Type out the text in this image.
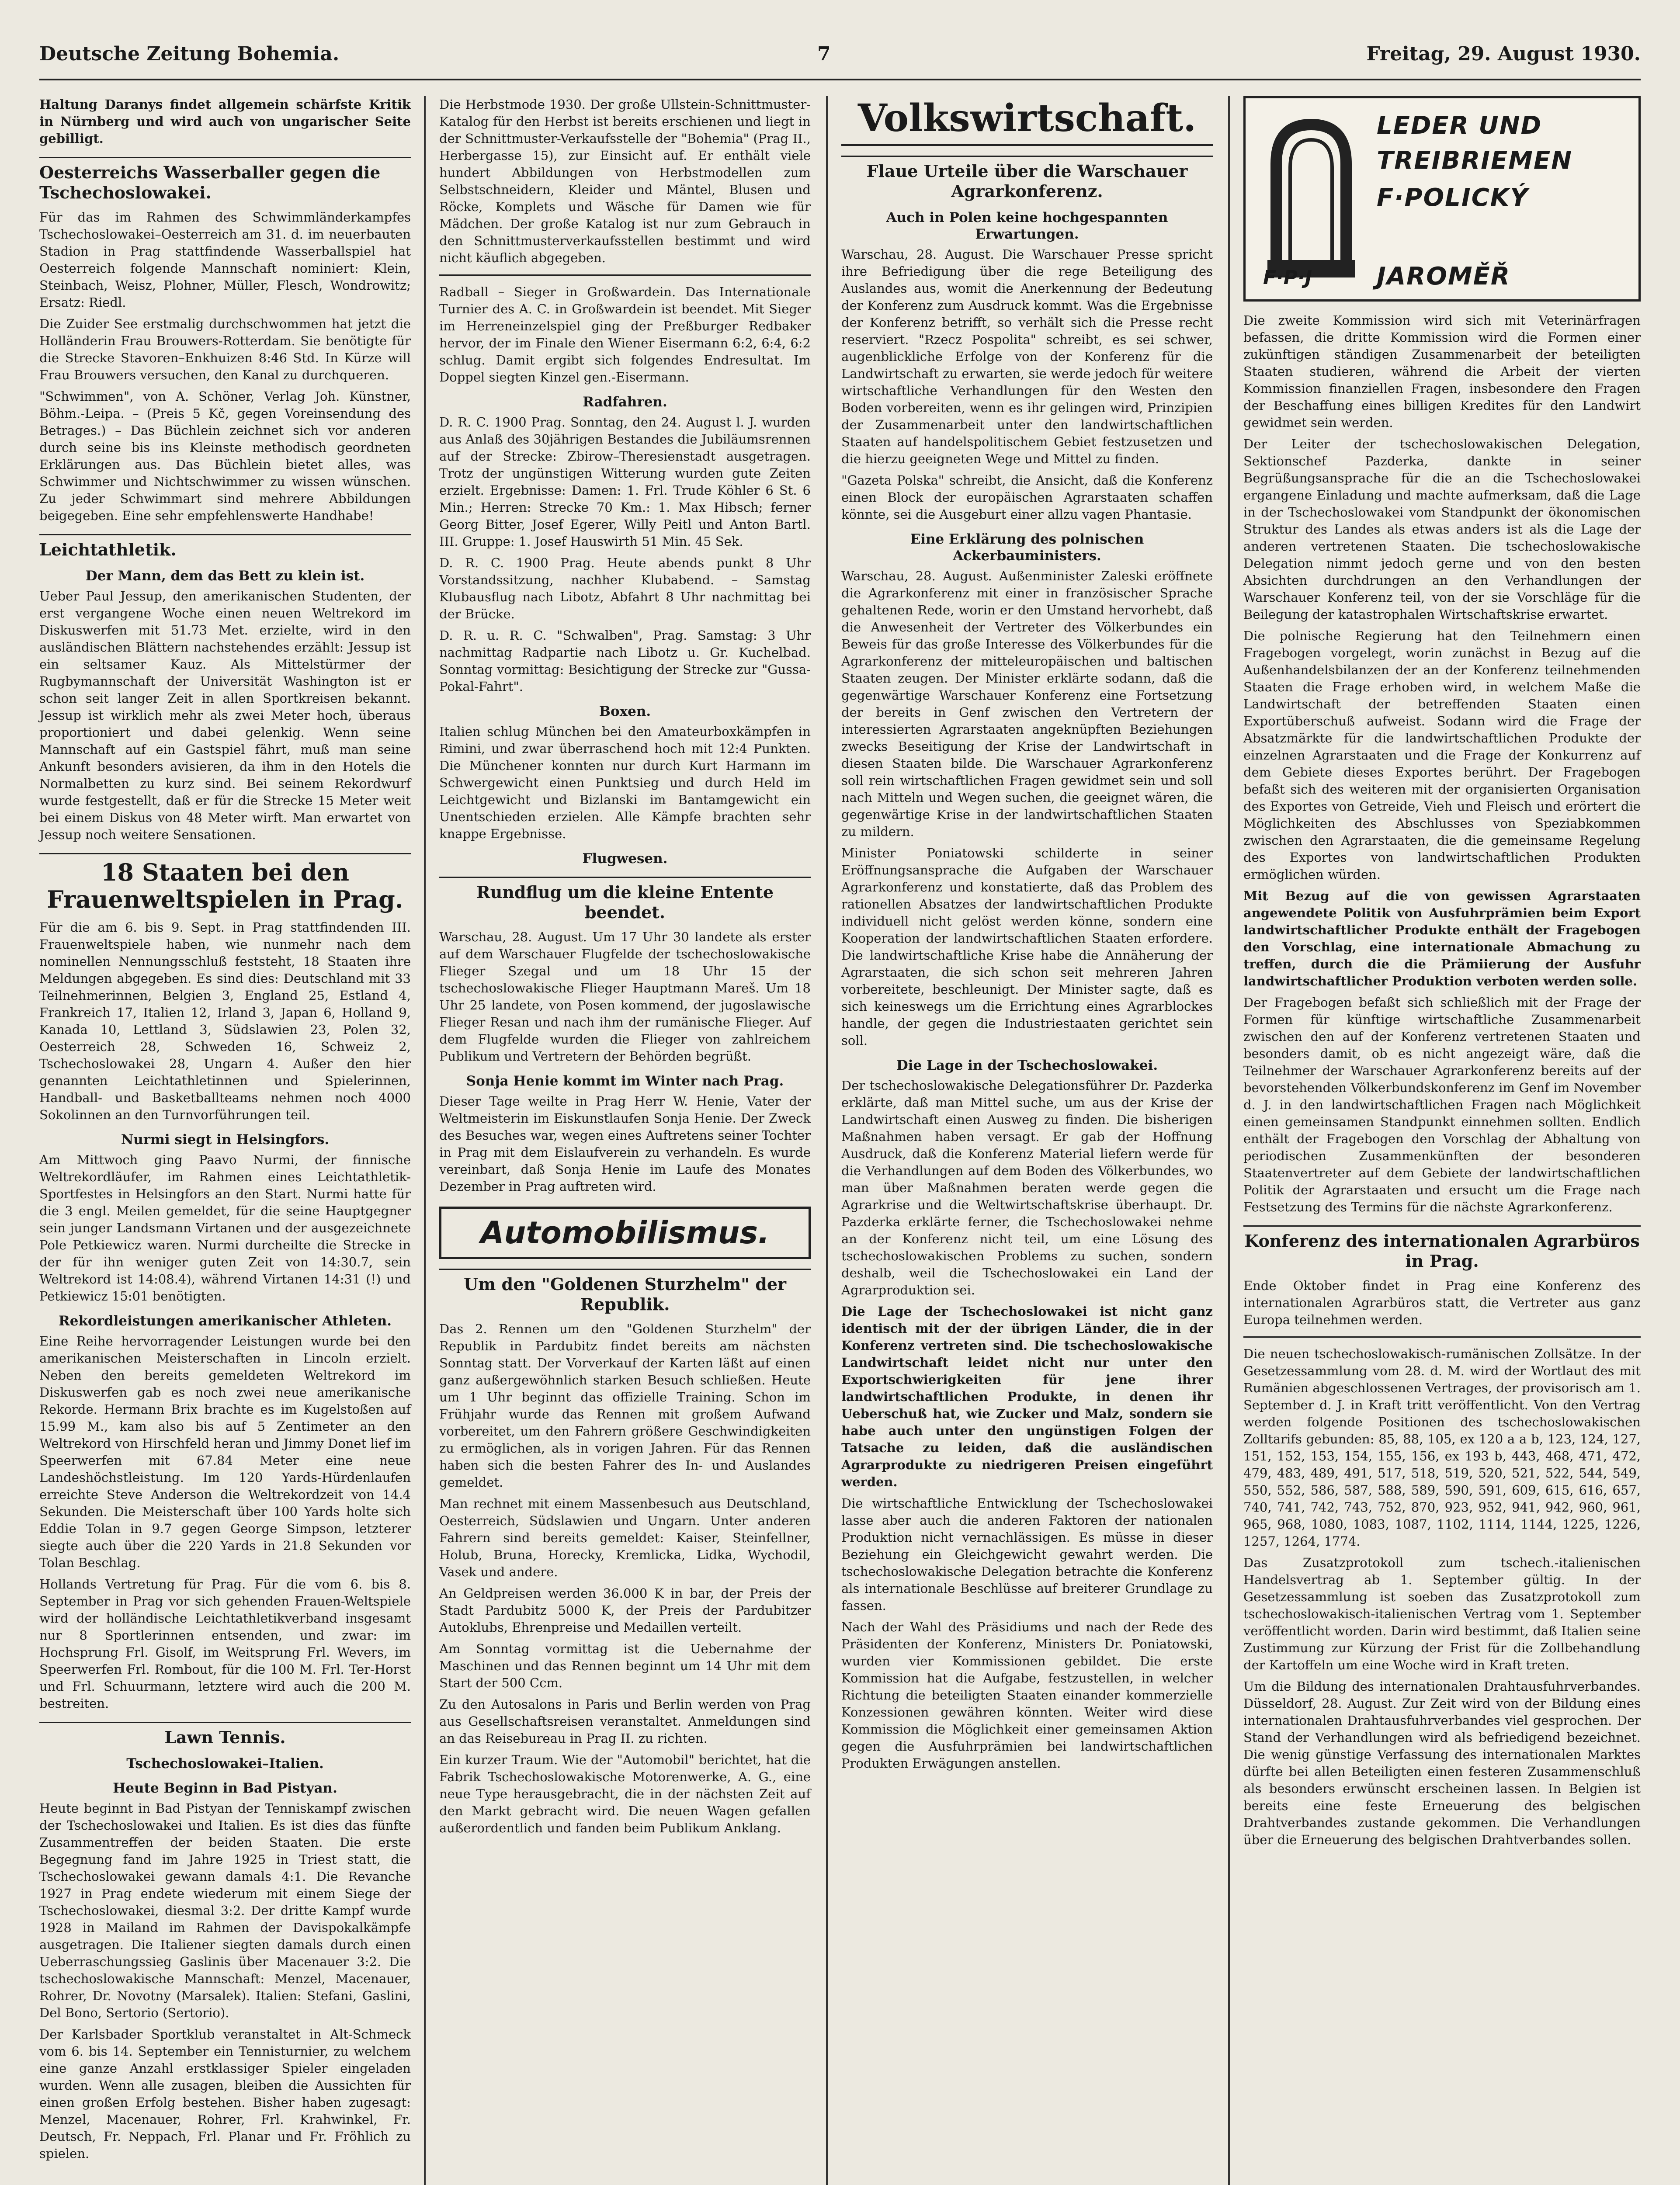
Deutsche Zeitung Bohemia.	7	Freitag, 29. August 1930.

Haltung Daranys findet allgemein schärfste Kritik in Nürnberg und wird auch von ungarischer Seite gebilligt.

Oesterreichs Wasserballer gegen die Tschechoslowakei.

Für das im Rahmen des Schwimmländerkampfes Tschechoslowakei–Oesterreich am 31. d. im neuerbauten Stadion in Prag stattfindende Wasserballspiel hat Oesterreich folgende Mannschaft nominiert: Klein, Steinbach, Weisz, Plohner, Müller, Flesch, Wondrowitz; Ersatz: Riedl.

Die Zuider See erstmalig durchschwommen hat jetzt die Holländerin Frau Brouwers-Rotterdam. Sie benötigte für die Strecke Stavoren–Enkhuizen 8:46 Std. In Kürze will Frau Brouwers versuchen, den Kanal zu durchqueren.

"Schwimmen", von A. Schöner, Verlag Joh. Künstner, Böhm.-Leipa. – (Preis 5 Kč, gegen Voreinsendung des Betrages.) – Das Büchlein zeichnet sich vor anderen durch seine bis ins Kleinste methodisch geordneten Erklärungen aus. Das Büchlein bietet alles, was Schwimmer und Nichtschwimmer zu wissen wünschen. Zu jeder Schwimmart sind mehrere Abbildungen beigegeben. Eine sehr empfehlenswerte Handhabe!

Leichtathletik.
Der Mann, dem das Bett zu klein ist.

Ueber Paul Jessup, den amerikanischen Studenten, der erst vergangene Woche einen neuen Weltrekord im Diskuswerfen mit 51.73 Met. erzielte, wird in den ausländischen Blättern nachstehendes erzählt: Jessup ist ein seltsamer Kauz. Als Mittelstürmer der Rugbymannschaft der Universität Washington ist er schon seit langer Zeit in allen Sportkreisen bekannt. Jessup ist wirklich mehr als zwei Meter hoch, überaus proportioniert und dabei gelenkig. Wenn seine Mannschaft auf ein Gastspiel fährt, muß man seine Ankunft besonders avisieren, da ihm in den Hotels die Normalbetten zu kurz sind. Bei seinem Rekordwurf wurde festgestellt, daß er für die Strecke 15 Meter weit bei einem Diskus von 48 Meter wirft. Man erwartet von Jessup noch weitere Sensationen.

18 Staaten bei den Frauenweltspielen in Prag.

Für die am 6. bis 9. Sept. in Prag stattfindenden III. Frauenweltspiele haben, wie nunmehr nach dem nominellen Nennungsschluß feststeht, 18 Staaten ihre Meldungen abgegeben. Es sind dies: Deutschland mit 33 Teilnehmerinnen, Belgien 3, England 25, Estland 4, Frankreich 17, Italien 12, Irland 3, Japan 6, Holland 9, Kanada 10, Lettland 3, Südslawien 23, Polen 32, Oesterreich 28, Schweden 16, Schweiz 2, Tschechoslowakei 28, Ungarn 4. Außer den hier genannten Leichtathletinnen und Spielerinnen, Handball- und Basketballteams nehmen noch 4000 Sokolinnen an den Turnvorführungen teil.

Nurmi siegt in Helsingfors.

Am Mittwoch ging Paavo Nurmi, der finnische Weltrekordläufer, im Rahmen eines Leichtathletik-Sportfestes in Helsingfors an den Start. Nurmi hatte für die 3 engl. Meilen gemeldet, für die seine Hauptgegner sein junger Landsmann Virtanen und der ausgezeichnete Pole Petkiewicz waren. Nurmi durcheilte die Strecke in der für ihn weniger guten Zeit von 14:30.7, sein Weltrekord ist 14:08.4), während Virtanen 14:31 (!) und Petkiewicz 15:01 benötigten.

Rekordleistungen amerikanischer Athleten.

Eine Reihe hervorragender Leistungen wurde bei den amerikanischen Meisterschaften in Lincoln erzielt. Neben den bereits gemeldeten Weltrekord im Diskuswerfen gab es noch zwei neue amerikanische Rekorde. Hermann Brix brachte es im Kugelstoßen auf 15.99 M., kam also bis auf 5 Zentimeter an den Weltrekord von Hirschfeld heran und Jimmy Donet lief im Speerwerfen mit 67.84 Meter eine neue Landeshöchstleistung. Im 120 Yards-Hürdenlaufen erreichte Steve Anderson die Weltrekordzeit von 14.4 Sekunden. Die Meisterschaft über 100 Yards holte sich Eddie Tolan in 9.7 gegen George Simpson, letzterer siegte auch über die 220 Yards in 21.8 Sekunden vor Tolan Beschlag.

Hollands Vertretung für Prag. Für die vom 6. bis 8. September in Prag vor sich gehenden Frauen-Weltspiele wird der holländische Leichtathletikverband insgesamt nur 8 Sportlerinnen entsenden, und zwar: im Hochsprung Frl. Gisolf, im Weitsprung Frl. Wevers, im Speerwerfen Frl. Rombout, für die 100 M. Frl. Ter-Horst und Frl. Schuurmann, letztere wird auch die 200 M. bestreiten.

Lawn Tennis.
Tschechoslowakei–Italien.
Heute Beginn in Bad Pistyan.

Heute beginnt in Bad Pistyan der Tenniskampf zwischen der Tschechoslowakei und Italien. Es ist dies das fünfte Zusammentreffen der beiden Staaten. Die erste Begegnung fand im Jahre 1925 in Triest statt, die Tschechoslowakei gewann damals 4:1. Die Revanche 1927 in Prag endete wiederum mit einem Siege der Tschechoslowakei, diesmal 3:2. Der dritte Kampf wurde 1928 in Mailand im Rahmen der Davispokalkämpfe ausgetragen. Die Italiener siegten damals durch einen Ueberraschungssieg Gaslinis über Macenauer 3:2. Die tschechoslowakische Mannschaft: Menzel, Macenauer, Rohrer, Dr. Novotny (Marsalek). Italien: Stefani, Gaslini, Del Bono, Sertorio (Sertorio).

Der Karlsbader Sportklub veranstaltet in Alt-Schmeck vom 6. bis 14. September ein Tennisturnier, zu welchem eine ganze Anzahl erstklassiger Spieler eingeladen wurden. Wenn alle zusagen, bleiben die Aussichten für einen großen Erfolg bestehen. Bisher haben zugesagt: Menzel, Macenauer, Rohrer, Frl. Krahwinkel, Fr. Deutsch, Fr. Neppach, Frl. Planar und Fr. Fröhlich zu spielen.

Die Herbstmode 1930. Der große Ullstein-Schnittmuster-Katalog für den Herbst ist bereits erschienen und liegt in der Schnittmuster-Verkaufsstelle der "Bohemia" (Prag II., Herbergasse 15), zur Einsicht auf. Er enthält viele hundert Abbildungen von Herbstmodellen zum Selbstschneidern, Kleider und Mäntel, Blusen und Röcke, Komplets und Wäsche für Damen wie für Mädchen. Der große Katalog ist nur zum Gebrauch in den Schnittmusterverkaufsstellen bestimmt und wird nicht käuflich abgegeben.

Radball – Sieger in Großwardein. Das Internationale Turnier des A. C. in Großwardein ist beendet. Mit Sieger im Herreneinzelspiel ging der Preßburger Redbaker hervor, der im Finale den Wiener Eisermann 6:2, 6:4, 6:2 schlug. Damit ergibt sich folgendes Endresultat. Im Doppel siegten Kinzel gen.-Eisermann.

Radfahren.

D. R. C. 1900 Prag. Sonntag, den 24. August l. J. wurden aus Anlaß des 30jährigen Bestandes die Jubiläumsrennen auf der Strecke: Zbirow–Theresienstadt ausgetragen. Trotz der ungünstigen Witterung wurden gute Zeiten erzielt. Ergebnisse: Damen: 1. Frl. Trude Köhler 6 St. 6 Min.; Herren: Strecke 70 Km.: 1. Max Hibsch; ferner Georg Bitter, Josef Egerer, Willy Peitl und Anton Bartl. III. Gruppe: 1. Josef Hauswirth 51 Min. 45 Sek.

D. R. C. 1900 Prag. Heute abends punkt 8 Uhr Vorstandssitzung, nachher Klubabend. – Samstag Klubausflug nach Libotz, Abfahrt 8 Uhr nachmittag bei der Brücke.

D. R. u. R. C. "Schwalben", Prag. Samstag: 3 Uhr nachmittag Radpartie nach Libotz u. Gr. Kuchelbad. Sonntag vormittag: Besichtigung der Strecke zur "Gussa-Pokal-Fahrt".

Boxen.

Italien schlug München bei den Amateurboxkämpfen in Rimini, und zwar überraschend hoch mit 12:4 Punkten. Die Münchener konnten nur durch Kurt Harmann im Schwergewicht einen Punktsieg und durch Held im Leichtgewicht und Bizlanski im Bantamgewicht ein Unentschieden erzielen. Alle Kämpfe brachten sehr knappe Ergebnisse.

Flugwesen.
Rundflug um die kleine Entente beendet.

Warschau, 28. August. Um 17 Uhr 30 landete als erster auf dem Warschauer Flugfelde der tschechoslowakische Flieger Szegal und um 18 Uhr 15 der tschechoslowakische Flieger Hauptmann Mareš. Um 18 Uhr 25 landete, von Posen kommend, der jugoslawische Flieger Resan und nach ihm der rumänische Flieger. Auf dem Flugfelde wurden die Flieger von zahlreichem Publikum und Vertretern der Behörden begrüßt.

Sonja Henie kommt im Winter nach Prag.

Dieser Tage weilte in Prag Herr W. Henie, Vater der Weltmeisterin im Eiskunstlaufen Sonja Henie. Der Zweck des Besuches war, wegen eines Auftretens seiner Tochter in Prag mit dem Eislaufverein zu verhandeln. Es wurde vereinbart, daß Sonja Henie im Laufe des Monates Dezember in Prag auftreten wird.

Automobilismus.
Um den "Goldenen Sturzhelm" der Republik.

Das 2. Rennen um den "Goldenen Sturzhelm" der Republik in Pardubitz findet bereits am nächsten Sonntag statt. Der Vorverkauf der Karten läßt auf einen ganz außergewöhnlich starken Besuch schließen. Heute um 1 Uhr beginnt das offizielle Training. Schon im Frühjahr wurde das Rennen mit großem Aufwand vorbereitet, um den Fahrern größere Geschwindigkeiten zu ermöglichen, als in vorigen Jahren. Für das Rennen haben sich die besten Fahrer des In- und Auslandes gemeldet.

Man rechnet mit einem Massenbesuch aus Deutschland, Oesterreich, Südslawien und Ungarn. Unter anderen Fahrern sind bereits gemeldet: Kaiser, Steinfellner, Holub, Bruna, Horecky, Kremlicka, Lidka, Wychodil, Vasek und andere.

An Geldpreisen werden 36.000 K in bar, der Preis der Stadt Pardubitz 5000 K, der Preis der Pardubitzer Autoklubs, Ehrenpreise und Medaillen verteilt.

Am Sonntag vormittag ist die Uebernahme der Maschinen und das Rennen beginnt um 14 Uhr mit dem Start der 500 Ccm.

Zu den Autosalons in Paris und Berlin werden von Prag aus Gesellschaftsreisen veranstaltet. Anmeldungen sind an das Reisebureau in Prag II. zu richten.

Ein kurzer Traum. Wie der "Automobil" berichtet, hat die Fabrik Tschechoslowakische Motorenwerke, A. G., eine neue Type herausgebracht, die in der nächsten Zeit auf den Markt gebracht wird. Die neuen Wagen gefallen außerordentlich und fanden beim Publikum Anklang.

Volkswirtschaft.
Flaue Urteile über die Warschauer Agrarkonferenz.
Auch in Polen keine hochgespannten Erwartungen.

Warschau, 28. August. Die Warschauer Presse spricht ihre Befriedigung über die rege Beteiligung des Auslandes aus, womit die Anerkennung der Bedeutung der Konferenz zum Ausdruck kommt. Was die Ergebnisse der Konferenz betrifft, so verhält sich die Presse recht reserviert. "Rzecz Pospolita" schreibt, es sei schwer, augenblickliche Erfolge von der Konferenz für die Landwirtschaft zu erwarten, sie werde jedoch für weitere wirtschaftliche Verhandlungen für den Westen den Boden vorbereiten, wenn es ihr gelingen wird, Prinzipien der Zusammenarbeit unter den landwirtschaftlichen Staaten auf handelspolitischem Gebiet festzusetzen und die hierzu geeigneten Wege und Mittel zu finden.

"Gazeta Polska" schreibt, die Ansicht, daß die Konferenz einen Block der europäischen Agrarstaaten schaffen könnte, sei die Ausgeburt einer allzu vagen Phantasie.

Eine Erklärung des polnischen Ackerbauministers.

Warschau, 28. August. Außenminister Zaleski eröffnete die Agrarkonferenz mit einer in französischer Sprache gehaltenen Rede, worin er den Umstand hervorhebt, daß die Anwesenheit der Vertreter des Völkerbundes ein Beweis für das große Interesse des Völkerbundes für die Agrarkonferenz der mitteleuropäischen und baltischen Staaten zeugen. Der Minister erklärte sodann, daß die gegenwärtige Warschauer Konferenz eine Fortsetzung der bereits in Genf zwischen den Vertretern der interessierten Agrarstaaten angeknüpften Beziehungen zwecks Beseitigung der Krise der Landwirtschaft in diesen Staaten bilde. Die Warschauer Agrarkonferenz soll rein wirtschaftlichen Fragen gewidmet sein und soll nach Mitteln und Wegen suchen, die geeignet wären, die gegenwärtige Krise in der landwirtschaftlichen Staaten zu mildern.

Minister Poniatowski schilderte in seiner Eröffnungsansprache die Aufgaben der Warschauer Agrarkonferenz und konstatierte, daß das Problem des rationellen Absatzes der landwirtschaftlichen Produkte individuell nicht gelöst werden könne, sondern eine Kooperation der landwirtschaftlichen Staaten erfordere. Die landwirtschaftliche Krise habe die Annäherung der Agrarstaaten, die sich schon seit mehreren Jahren vorbereitete, beschleunigt. Der Minister sagte, daß es sich keineswegs um die Errichtung eines Agrarblockes handle, der gegen die Industriestaaten gerichtet sein soll.

Die Lage in der Tschechoslowakei.

Der tschechoslowakische Delegationsführer Dr. Pazderka erklärte, daß man Mittel suche, um aus der Krise der Landwirtschaft einen Ausweg zu finden. Die bisherigen Maßnahmen haben versagt. Er gab der Hoffnung Ausdruck, daß die Konferenz Material liefern werde für die Verhandlungen auf dem Boden des Völkerbundes, wo man über Maßnahmen beraten werde gegen die Agrarkrise und die Weltwirtschaftskrise überhaupt. Dr. Pazderka erklärte ferner, die Tschechoslowakei nehme an der Konferenz nicht teil, um eine Lösung des tschechoslowakischen Problems zu suchen, sondern deshalb, weil die Tschechoslowakei ein Land der Agrarproduktion sei.

Die Lage der Tschechoslowakei ist nicht ganz identisch mit der der übrigen Länder, die in der Konferenz vertreten sind. Die tschechoslowakische Landwirtschaft leidet nicht nur unter den Exportschwierigkeiten für jene ihrer landwirtschaftlichen Produkte, in denen ihr Ueberschuß hat, wie Zucker und Malz, sondern sie habe auch unter den ungünstigen Folgen der Tatsache zu leiden, daß die ausländischen Agrarprodukte zu niedrigeren Preisen eingeführt werden.

Die wirtschaftliche Entwicklung der Tschechoslowakei lasse aber auch die anderen Faktoren der nationalen Produktion nicht vernachlässigen. Es müsse in dieser Beziehung ein Gleichgewicht gewahrt werden. Die tschechoslowakische Delegation betrachte die Konferenz als internationale Beschlüsse auf breiterer Grundlage zu fassen.

Nach der Wahl des Präsidiums und nach der Rede des Präsidenten der Konferenz, Ministers Dr. Poniatowski, wurden vier Kommissionen gebildet. Die erste Kommission hat die Aufgabe, festzustellen, in welcher Richtung die beteiligten Staaten einander kommerzielle Konzessionen gewähren könnten. Weiter wird diese Kommission die Möglichkeit einer gemeinsamen Aktion gegen die Ausfuhrprämien bei landwirtschaftlichen Produkten Erwägungen anstellen.

LEDER UND
TREIBRIEMEN
F·POLICKÝ
F·P·J	JAROMĚŘ

Die zweite Kommission wird sich mit Veterinärfragen befassen, die dritte Kommission wird die Formen einer zukünftigen ständigen Zusammenarbeit der beteiligten Staaten studieren, während die Arbeit der vierten Kommission finanziellen Fragen, insbesondere den Fragen der Beschaffung eines billigen Kredites für den Landwirt gewidmet sein werden.

Der Leiter der tschechoslowakischen Delegation, Sektionschef Pazderka, dankte in seiner Begrüßungsansprache für die an die Tschechoslowakei ergangene Einladung und machte aufmerksam, daß die Lage in der Tschechoslowakei vom Standpunkt der ökonomischen Struktur des Landes als etwas anders ist als die Lage der anderen vertretenen Staaten. Die tschechoslowakische Delegation nimmt jedoch gerne und von den besten Absichten durchdrungen an den Verhandlungen der Warschauer Konferenz teil, von der sie Vorschläge für die Beilegung der katastrophalen Wirtschaftskrise erwartet.

Die polnische Regierung hat den Teilnehmern einen Fragebogen vorgelegt, worin zunächst in Bezug auf die Außenhandelsbilanzen der an der Konferenz teilnehmenden Staaten die Frage erhoben wird, in welchem Maße die Landwirtschaft der betreffenden Staaten einen Exportüberschuß aufweist. Sodann wird die Frage der Absatzmärkte für die landwirtschaftlichen Produkte der einzelnen Agrarstaaten und die Frage der Konkurrenz auf dem Gebiete dieses Exportes berührt. Der Fragebogen befaßt sich des weiteren mit der organisierten Organisation des Exportes von Getreide, Vieh und Fleisch und erörtert die Möglichkeiten des Abschlusses von Speziabkommen zwischen den Agrarstaaten, die die gemeinsame Regelung des Exportes von landwirtschaftlichen Produkten ermöglichen würden.

Mit Bezug auf die von gewissen Agrarstaaten angewendete Politik von Ausfuhrprämien beim Export landwirtschaftlicher Produkte enthält der Fragebogen den Vorschlag, eine internationale Abmachung zu treffen, durch die die Prämiierung der Ausfuhr landwirtschaftlicher Produktion verboten werden solle.

Der Fragebogen befaßt sich schließlich mit der Frage der Formen für künftige wirtschaftliche Zusammenarbeit zwischen den auf der Konferenz vertretenen Staaten und besonders damit, ob es nicht angezeigt wäre, daß die Teilnehmer der Warschauer Agrarkonferenz bereits auf der bevorstehenden Völkerbundskonferenz im Genf im November d. J. in den landwirtschaftlichen Fragen nach Möglichkeit einen gemeinsamen Standpunkt einnehmen sollten. Endlich enthält der Fragebogen den Vorschlag der Abhaltung von periodischen Zusammenkünften der besonderen Staatenvertreter auf dem Gebiete der landwirtschaftlichen Politik der Agrarstaaten und ersucht um die Frage nach Festsetzung des Termins für die nächste Agrarkonferenz.

Konferenz des internationalen Agrarbüros in Prag.

Ende Oktober findet in Prag eine Konferenz des internationalen Agrarbüros statt, die Vertreter aus ganz Europa teilnehmen werden.

Die neuen tschechoslowakisch-rumänischen Zollsätze. In der Gesetzessammlung vom 28. d. M. wird der Wortlaut des mit Rumänien abgeschlossenen Vertrages, der provisorisch am 1. September d. J. in Kraft tritt veröffentlicht. Von den Vertrag werden folgende Positionen des tschechoslowakischen Zolltarifs gebunden: 85, 88, 105, ex 120 a a b, 123, 124, 127, 151, 152, 153, 154, 155, 156, ex 193 b, 443, 468, 471, 472, 479, 483, 489, 491, 517, 518, 519, 520, 521, 522, 544, 549, 550, 552, 586, 587, 588, 589, 590, 591, 609, 615, 616, 657, 740, 741, 742, 743, 752, 870, 923, 952, 941, 942, 960, 961, 965, 968, 1080, 1083, 1087, 1102, 1114, 1144, 1225, 1226, 1257, 1264, 1774.

Das Zusatzprotokoll zum tschech.-italienischen Handelsvertrag ab 1. September gültig. In der Gesetzessammlung ist soeben das Zusatzprotokoll zum tschechoslowakisch-italienischen Vertrag vom 1. September veröffentlicht worden. Darin wird bestimmt, daß Italien seine Zustimmung zur Kürzung der Frist für die Zollbehandlung der Kartoffeln um eine Woche wird in Kraft treten.

Um die Bildung des internationalen Drahtausfuhrverbandes. Düsseldorf, 28. August. Zur Zeit wird von der Bildung eines internationalen Drahtausfuhrverbandes viel gesprochen. Der Stand der Verhandlungen wird als befriedigend bezeichnet. Die wenig günstige Verfassung des internationalen Marktes dürfte bei allen Beteiligten einen festeren Zusammenschluß als besonders erwünscht erscheinen lassen. In Belgien ist bereits eine feste Erneuerung des belgischen Drahtverbandes zustande gekommen. Die Verhandlungen über die Erneuerung des belgischen Drahtverbandes sollen.
